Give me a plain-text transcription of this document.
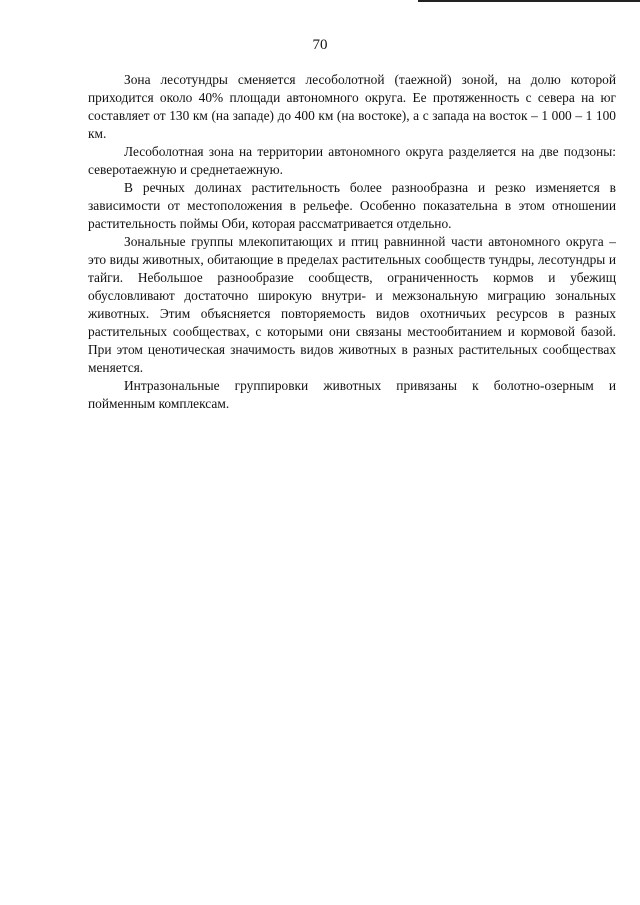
70

Зона лесотундры сменяется лесоболотной (таежной) зоной, на долю которой приходится около 40% площади автономного округа. Ее протяженность с севера на юг составляет от 130 км (на западе) до 400 км (на востоке), а с запада на восток – 1 000 – 1 100 км.

Лесоболотная зона на территории автономного округа разделяется на две подзоны: северотаежную и среднетаежную.

В речных долинах растительность более разнообразна и резко изменяется в зависимости от местоположения в рельефе. Особенно показательна в этом отношении растительность поймы Оби, которая рассматривается отдельно.

Зональные группы млекопитающих и птиц равнинной части автономного округа – это виды животных, обитающие в пределах растительных сообществ тундры, лесотундры и тайги. Небольшое разнообразие сообществ, ограниченность кормов и убежищ обусловливают достаточно широкую внутри- и межзональную миграцию зональных животных. Этим объясняется повторяемость видов охотничьих ресурсов в разных растительных сообществах, с которыми они связаны местообитанием и кормовой базой. При этом ценотическая значимость видов животных в разных растительных сообществах меняется.

Интразональные группировки животных привязаны к болотно-озерным и пойменным комплексам.
